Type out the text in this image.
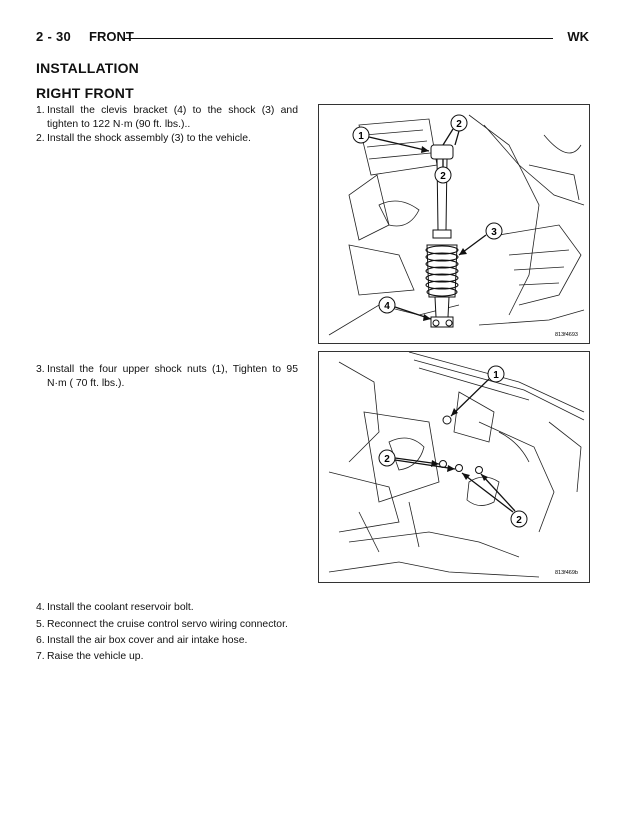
2 - 30 FRONT	WK
INSTALLATION
RIGHT FRONT
1. Install the clevis bracket (4) to the shock (3) and tighten to 122 N·m (90 ft. lbs.)..
2. Install the shock assembly (3) to the vehicle.
3. Install the four upper shock nuts (1), Tighten to 95 N·m ( 70 ft. lbs.).
4. Install the coolant reservoir bolt.
5. Reconnect the cruise control servo wiring connector.
6. Install the air box cover and air intake hose.
7. Raise the vehicle up.
1
2
2
3
4
813f4693
1
2
2
813f469b
